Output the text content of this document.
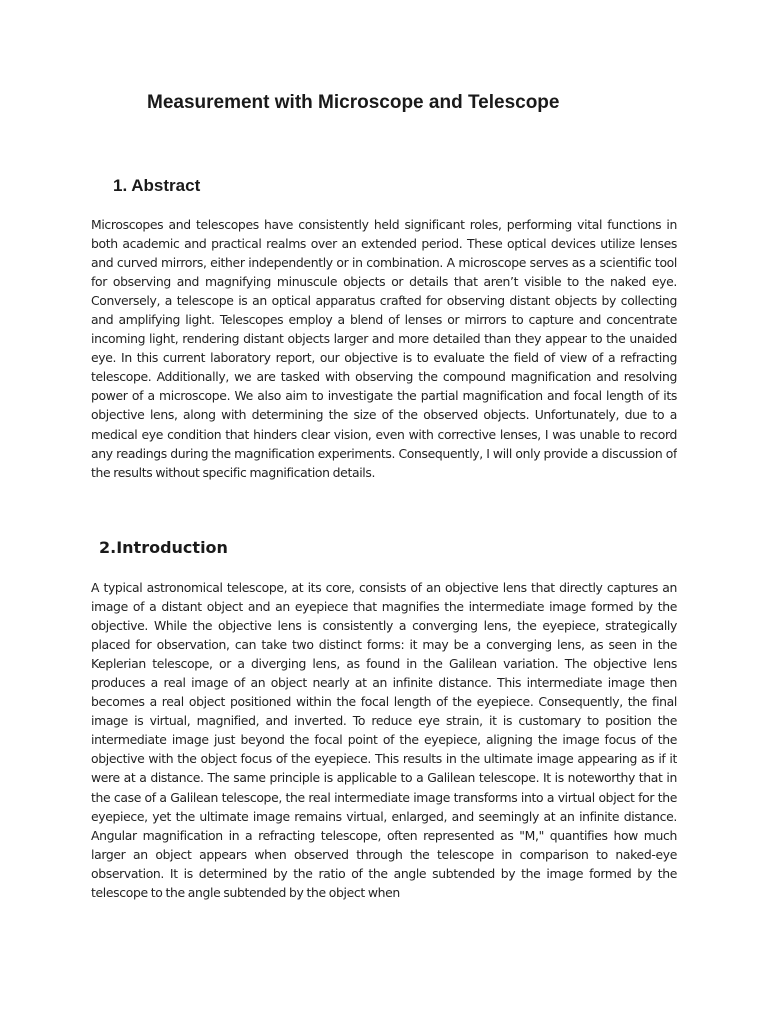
Measurement with Microscope and Telescope
1. Abstract

Microscopes and telescopes have consistently held significant roles, performing vital functions in both academic and practical realms over an extended period. These optical devices utilize lenses and curved mirrors, either independently or in combination. A microscope serves as a scientific tool for observing and magnifying minuscule objects or details that aren’t visible to the naked eye. Conversely, a telescope is an optical apparatus crafted for observing distant objects by collecting and amplifying light. Telescopes employ a blend of lenses or mirrors to capture and concentrate incoming light, rendering distant objects larger and more detailed than they appear to the unaided eye. In this current laboratory report, our objective is to evaluate the field of view of a refracting telescope. Additionally, we are tasked with observing the compound magnification and resolving power of a microscope. We also aim to investigate the partial magnification and focal length of its objective lens, along with determining the size of the observed objects. Unfortunately, due to a medical eye condition that hinders clear vision, even with corrective lenses, I was unable to record any readings during the magnification experiments. Consequently, I will only provide a discussion of the results without specific magnification details.

2.Introduction

A typical astronomical telescope, at its core, consists of an objective lens that directly captures an image of a distant object and an eyepiece that magnifies the intermediate image formed by the objective. While the objective lens is consistently a converging lens, the eyepiece, strategically placed for observation, can take two distinct forms: it may be a converging lens, as seen in the Keplerian telescope, or a diverging lens, as found in the Galilean variation. The objective lens produces a real image of an object nearly at an infinite distance. This intermediate image then becomes a real object positioned within the focal length of the eyepiece. Consequently, the final image is virtual, magnified, and inverted. To reduce eye strain, it is customary to position the intermediate image just beyond the focal point of the eyepiece, aligning the image focus of the objective with the object focus of the eyepiece. This results in the ultimate image appearing as if it were at a distance. The same principle is applicable to a Galilean telescope. It is noteworthy that in the case of a Galilean telescope, the real intermediate image transforms into a virtual object for the eyepiece, yet the ultimate image remains virtual, enlarged, and seemingly at an infinite distance. Angular magnification in a refracting telescope, often represented as "M," quantifies how much larger an object appears when observed through the telescope in comparison to naked-eye observation. It is determined by the ratio of the angle subtended by the image formed by the telescope to the angle subtended by the object when
